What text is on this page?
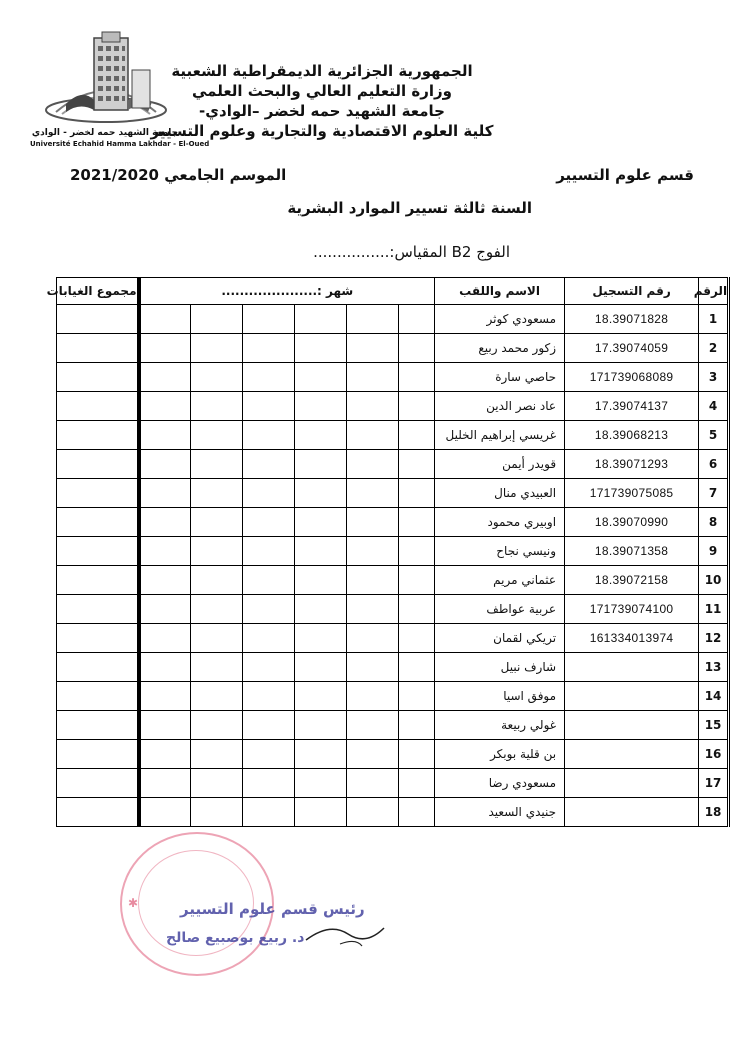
الجمهورية الجزائرية الديمقراطية الشعبية
وزارة التعليم العالي والبحث العلمي
جامعة الشهيد حمه لخضر –الوادي-
كلية العلوم الاقتصادية والتجارية وعلوم التسيير
جامعة الشهيد حمه لخضر - الوادي
Université Echahid Hamma Lakhdar - El-Oued
قسم علوم التسيير
الموسم الجامعي 2021/2020
السنة ثالثة تسيير الموارد البشرية
الفوج B2 المقياس:................
مجموع الغيابات	شهر :.....................						الاسم واللقب	رقم التسجيل	الرقم
							مسعودي كوثر	18.39071828	1
							زكور محمد ربيع	17.39074059	2
							حاصي سارة	171739068089	3
							عاد نصر الدين	17.39074137	4
							غريسي إبراهيم الخليل	18.39068213	5
							قويدر أيمن	18.39071293	6
							العبيدي منال	171739075085	7
							اوبيري محمود	18.39070990	8
							ونيسي نجاح	18.39071358	9
							عثماني مريم	18.39072158	10
							عربية عواطف	171739074100	11
							تريكي لقمان	161334013974	12
							شارف نبيل		13
							موفق اسيا		14
							غولي ربيعة		15
							بن قلية بوبكر		16
							مسعودي رضا		17
							جنيدي السعيد		18
✱	رئيس قسم علوم التسيير
د. ربيع بوصبيع صالح
